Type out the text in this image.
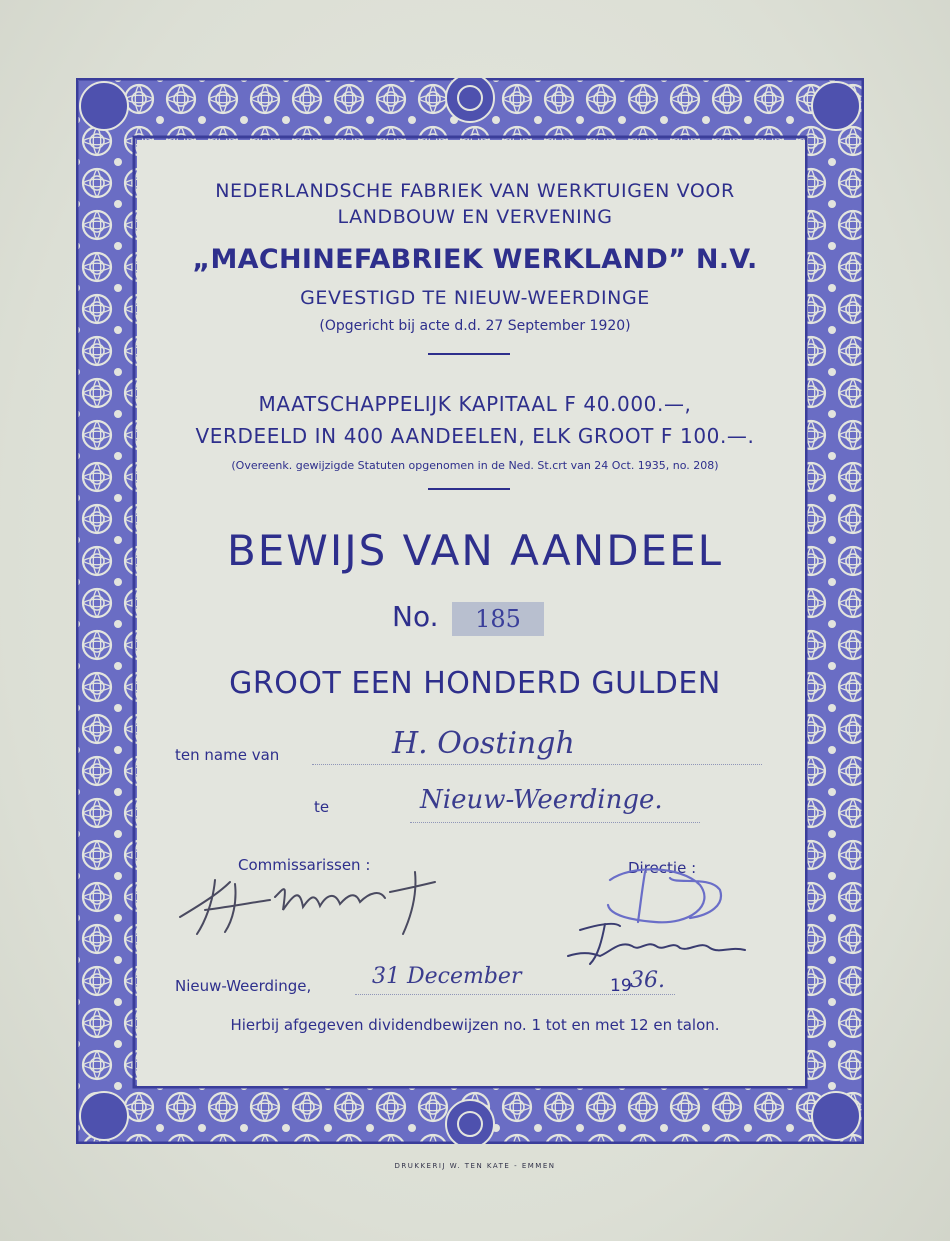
NEDERLANDSCHE FABRIEK VAN WERKTUIGEN VOOR
LANDBOUW EN VERVENING
„MACHINEFABRIEK WERKLAND” N.V.
GEVESTIGD TE NIEUW-WEERDINGE
(Opgericht bij acte d.d. 27 September 1920)
MAATSCHAPPELIJK KAPITAAL F 40.000.—,
VERDEELD IN 400 AANDEELEN, ELK GROOT F 100.—.
(Overeenk. gewijzigde Statuten opgenomen in de Ned. St.crt van 24 Oct. 1935, no. 208)
BEWIJS VAN AANDEEL
No.	185
GROOT EEN HONDERD GULDEN
ten name van	H. Oostingh
te	Nieuw-Weerdinge.
Commissarissen :	Directie :
Nieuw-Weerdinge,	31 December	19
36.
Hierbij afgegeven dividendbewijzen no. 1 tot en met 12 en talon.
DRUKKERIJ W. TEN KATE - EMMEN
